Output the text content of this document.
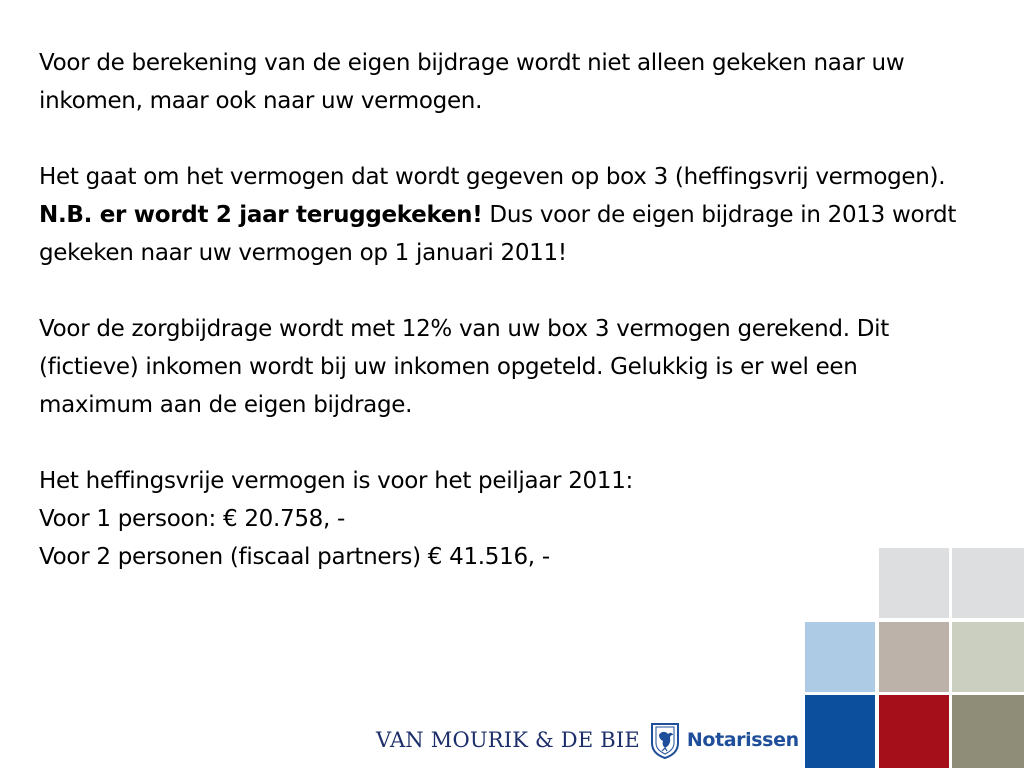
Voor de berekening van de eigen bijdrage wordt niet alleen gekeken naar uw inkomen, maar ook naar uw vermogen.

Het gaat om het vermogen dat wordt gegeven op box 3 (heffingsvrij vermogen). N.B. er wordt 2 jaar teruggekeken! Dus voor de eigen bijdrage in 2013 wordt gekeken naar uw vermogen op 1 januari 2011!

Voor de zorgbijdrage wordt met 12% van uw box 3 vermogen gerekend. Dit (fictieve) inkomen wordt bij uw inkomen opgeteld. Gelukkig is er wel een maximum aan de eigen bijdrage.

Het heffingsvrije vermogen is voor het peiljaar 2011:

Voor 1 persoon: € 20.758, -

Voor 2 personen (fiscaal partners) € 41.516, -

VAN MOURIK & DE BIE Notarissen
